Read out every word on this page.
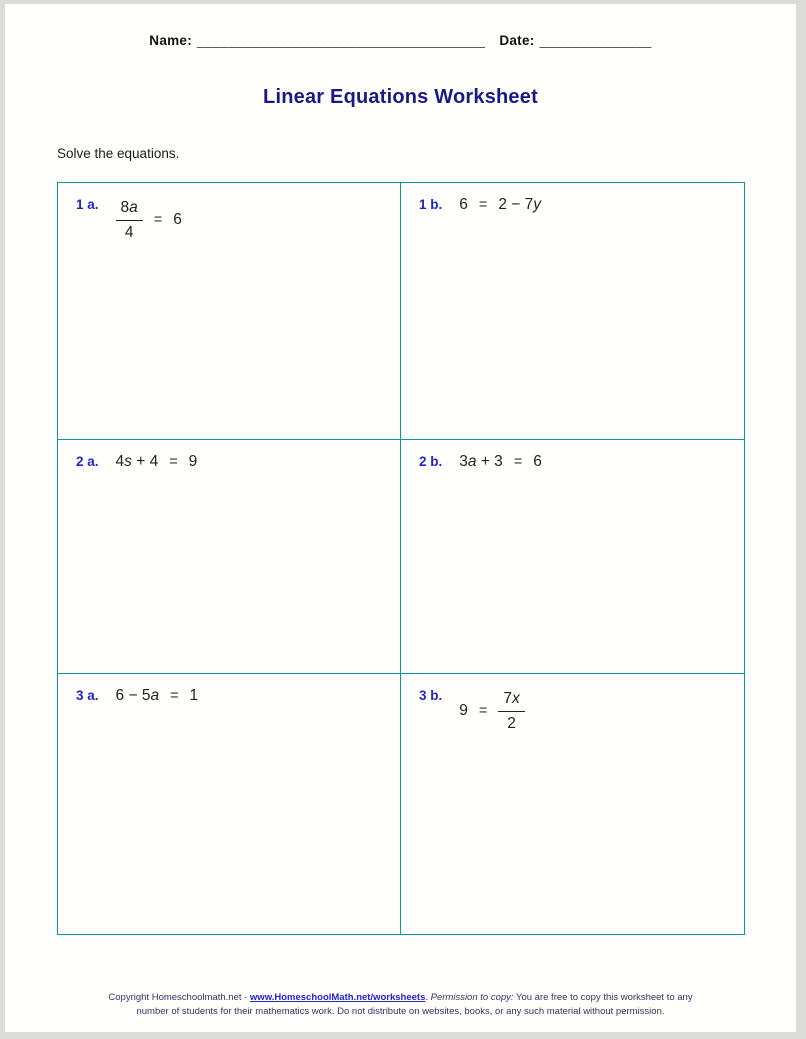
Name: ____________________________________ Date: ______________
Linear Equations Worksheet
Solve the equations.
1 a. $\frac{8a}{4} = 6$
1 b. 6 = 2 − 7 y
2 a. 4 s + 4 = 9	2 b. 3 a + 3 = 6
3 a. 6 − 5 a = 1	3 b.
$9 = \frac{7x}{2}$
Copyright Homeschoolmath.net - www.HomeschoolMath.net/worksheets. Permission to copy: You are free to copy this worksheet to any number of students for their mathematics work. Do not distribute on websites, books, or any such material without permission.
